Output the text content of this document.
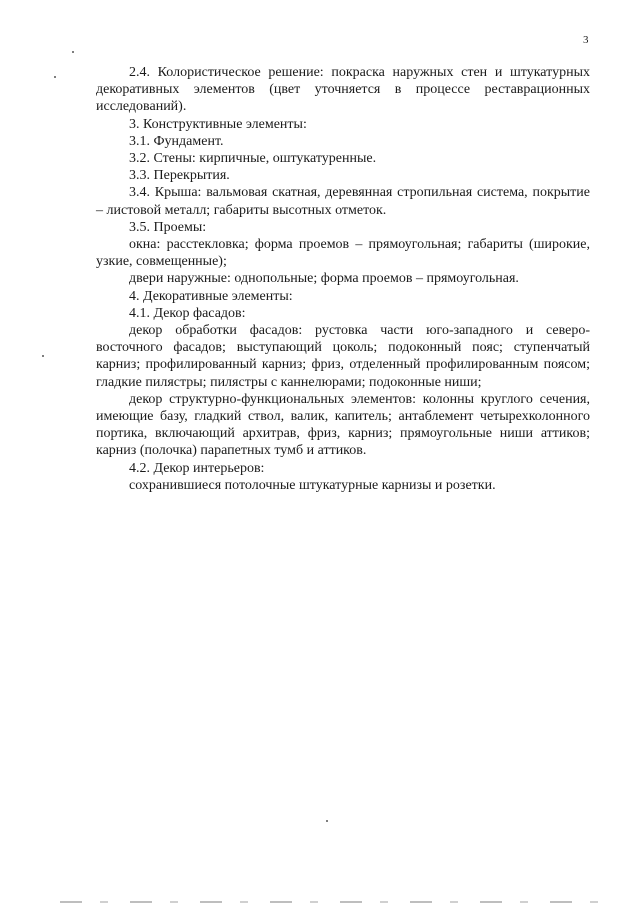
3

2.4. Колористическое решение: покраска наружных стен и штукатурных декоративных элементов (цвет уточняется в процессе реставрационных исследований).

3. Конструктивные элементы:

3.1. Фундамент.

3.2. Стены: кирпичные, оштукатуренные.

3.3. Перекрытия.

3.4. Крыша: вальмовая скатная, деревянная стропильная система, покрытие – листовой металл; габариты высотных отметок.

3.5. Проемы:

окна: расстекловка; форма проемов – прямоугольная; габариты (широкие, узкие, совмещенные);

двери наружные: однопольные; форма проемов – прямоугольная.

4. Декоративные элементы:

4.1. Декор фасадов:

декор обработки фасадов: рустовка части юго-западного и северо-восточного фасадов; выступающий цоколь; подоконный пояс; ступенчатый карниз; профилированный карниз; фриз, отделенный профилированным поясом; гладкие пилястры; пилястры с каннелюрами; подоконные ниши;

декор структурно-функциональных элементов: колонны круглого сечения, имеющие базу, гладкий ствол, валик, капитель; антаблемент четырехколонного портика, включающий архитрав, фриз, карниз; прямоугольные ниши аттиков; карниз (полочка) парапетных тумб и аттиков.

4.2. Декор интерьеров:

сохранившиеся потолочные штукатурные карнизы и розетки.
